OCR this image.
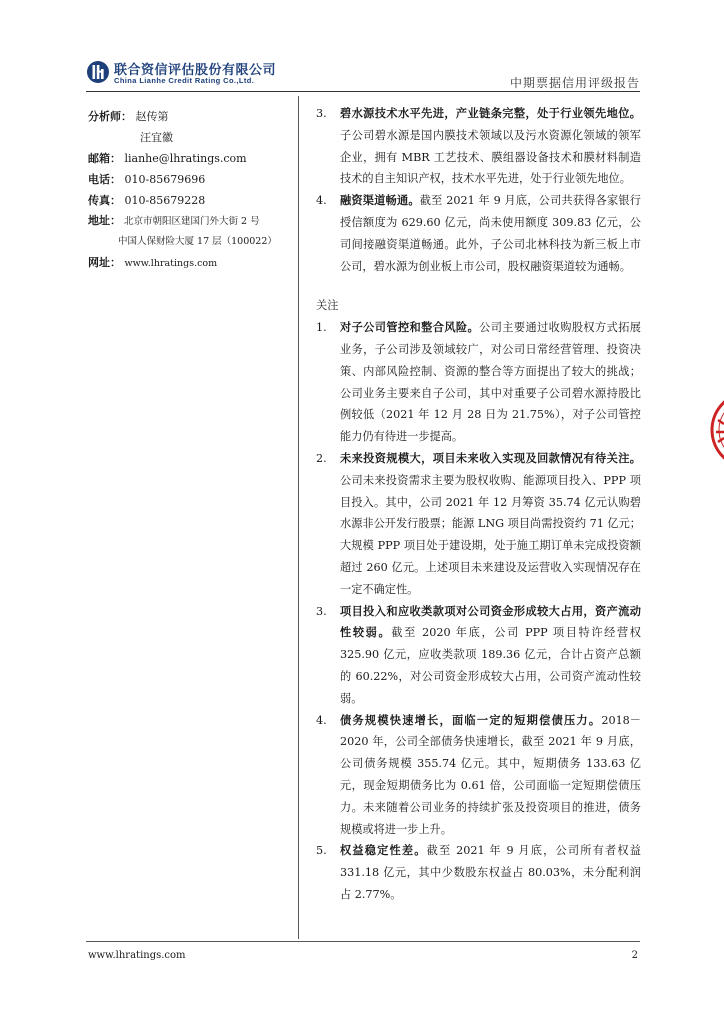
联合资信评估股份有限公司
China Lianhe Credit Rating Co.,Ltd.	中期票据信用评级报告
分析师： 赵传第
汪宜徽
邮箱： lianhe@lhratings.com
电话： 010-85679696
传真： 010-85679228
地址： 北京市朝阳区建国门外大街 2 号
中国人保财险大厦 17 层（100022）
网址： www.lhratings.com
3. 碧水源技术水平先进，产业链条完整，处于行业领先地位。子公司碧水源是国内膜技术领域以及污水资源化领域的领军企业，拥有 MBR 工艺技术、膜组器设备技术和膜材料制造技术的自主知识产权，技术水平先进，处于行业领先地位。
4. 融资渠道畅通。截至 2021 年 9 月底，公司共获得各家银行授信额度为 629.60 亿元，尚未使用额度 309.83 亿元，公司间接融资渠道畅通。此外，子公司北林科技为新三板上市公司，碧水源为创业板上市公司，股权融资渠道较为通畅。
关注
1. 对子公司管控和整合风险。公司主要通过收购股权方式拓展业务，子公司涉及领域较广，对公司日常经营管理、投资决策、内部风险控制、资源的整合等方面提出了较大的挑战；公司业务主要来自子公司，其中对重要子公司碧水源持股比例较低（2021 年 12 月 28 日为 21.75%），对子公司管控能力仍有待进一步提高。
2. 未来投资规模大，项目未来收入实现及回款情况有待关注。公司未来投资需求主要为股权收购、能源项目投入、PPP 项目投入。其中，公司 2021 年 12 月筹资 35.74 亿元认购碧水源非公开发行股票；能源 LNG 项目尚需投资约 71 亿元；大规模 PPP 项目处于建设期，处于施工期订单未完成投资额超过 260 亿元。上述项目未来建设及运营收入实现情况存在一定不确定性。
3. 项目投入和应收类款项对公司资金形成较大占用，资产流动性较弱。截至 2020 年底，公司 PPP 项目特许经营权 325.90 亿元，应收类款项 189.36 亿元，合计占资产总额的 60.22%，对公司资金形成较大占用，公司资产流动性较弱。
4. 债务规模快速增长，面临一定的短期偿债压力。2018－2020 年，公司全部债务快速增长，截至 2021 年 9 月底，公司债务规模 355.74 亿元。其中，短期债务 133.63 亿元，现金短期债务比为 0.61 倍，公司面临一定短期偿债压力。未来随着公司业务的持续扩张及投资项目的推进，债务规模或将进一步上升。
5. 权益稳定性差。截至 2021 年 9 月底，公司所有者权益 331.18 亿元，其中少数股东权益占 80.03%，未分配利润占 2.77%。
www.lhratings.com	2
